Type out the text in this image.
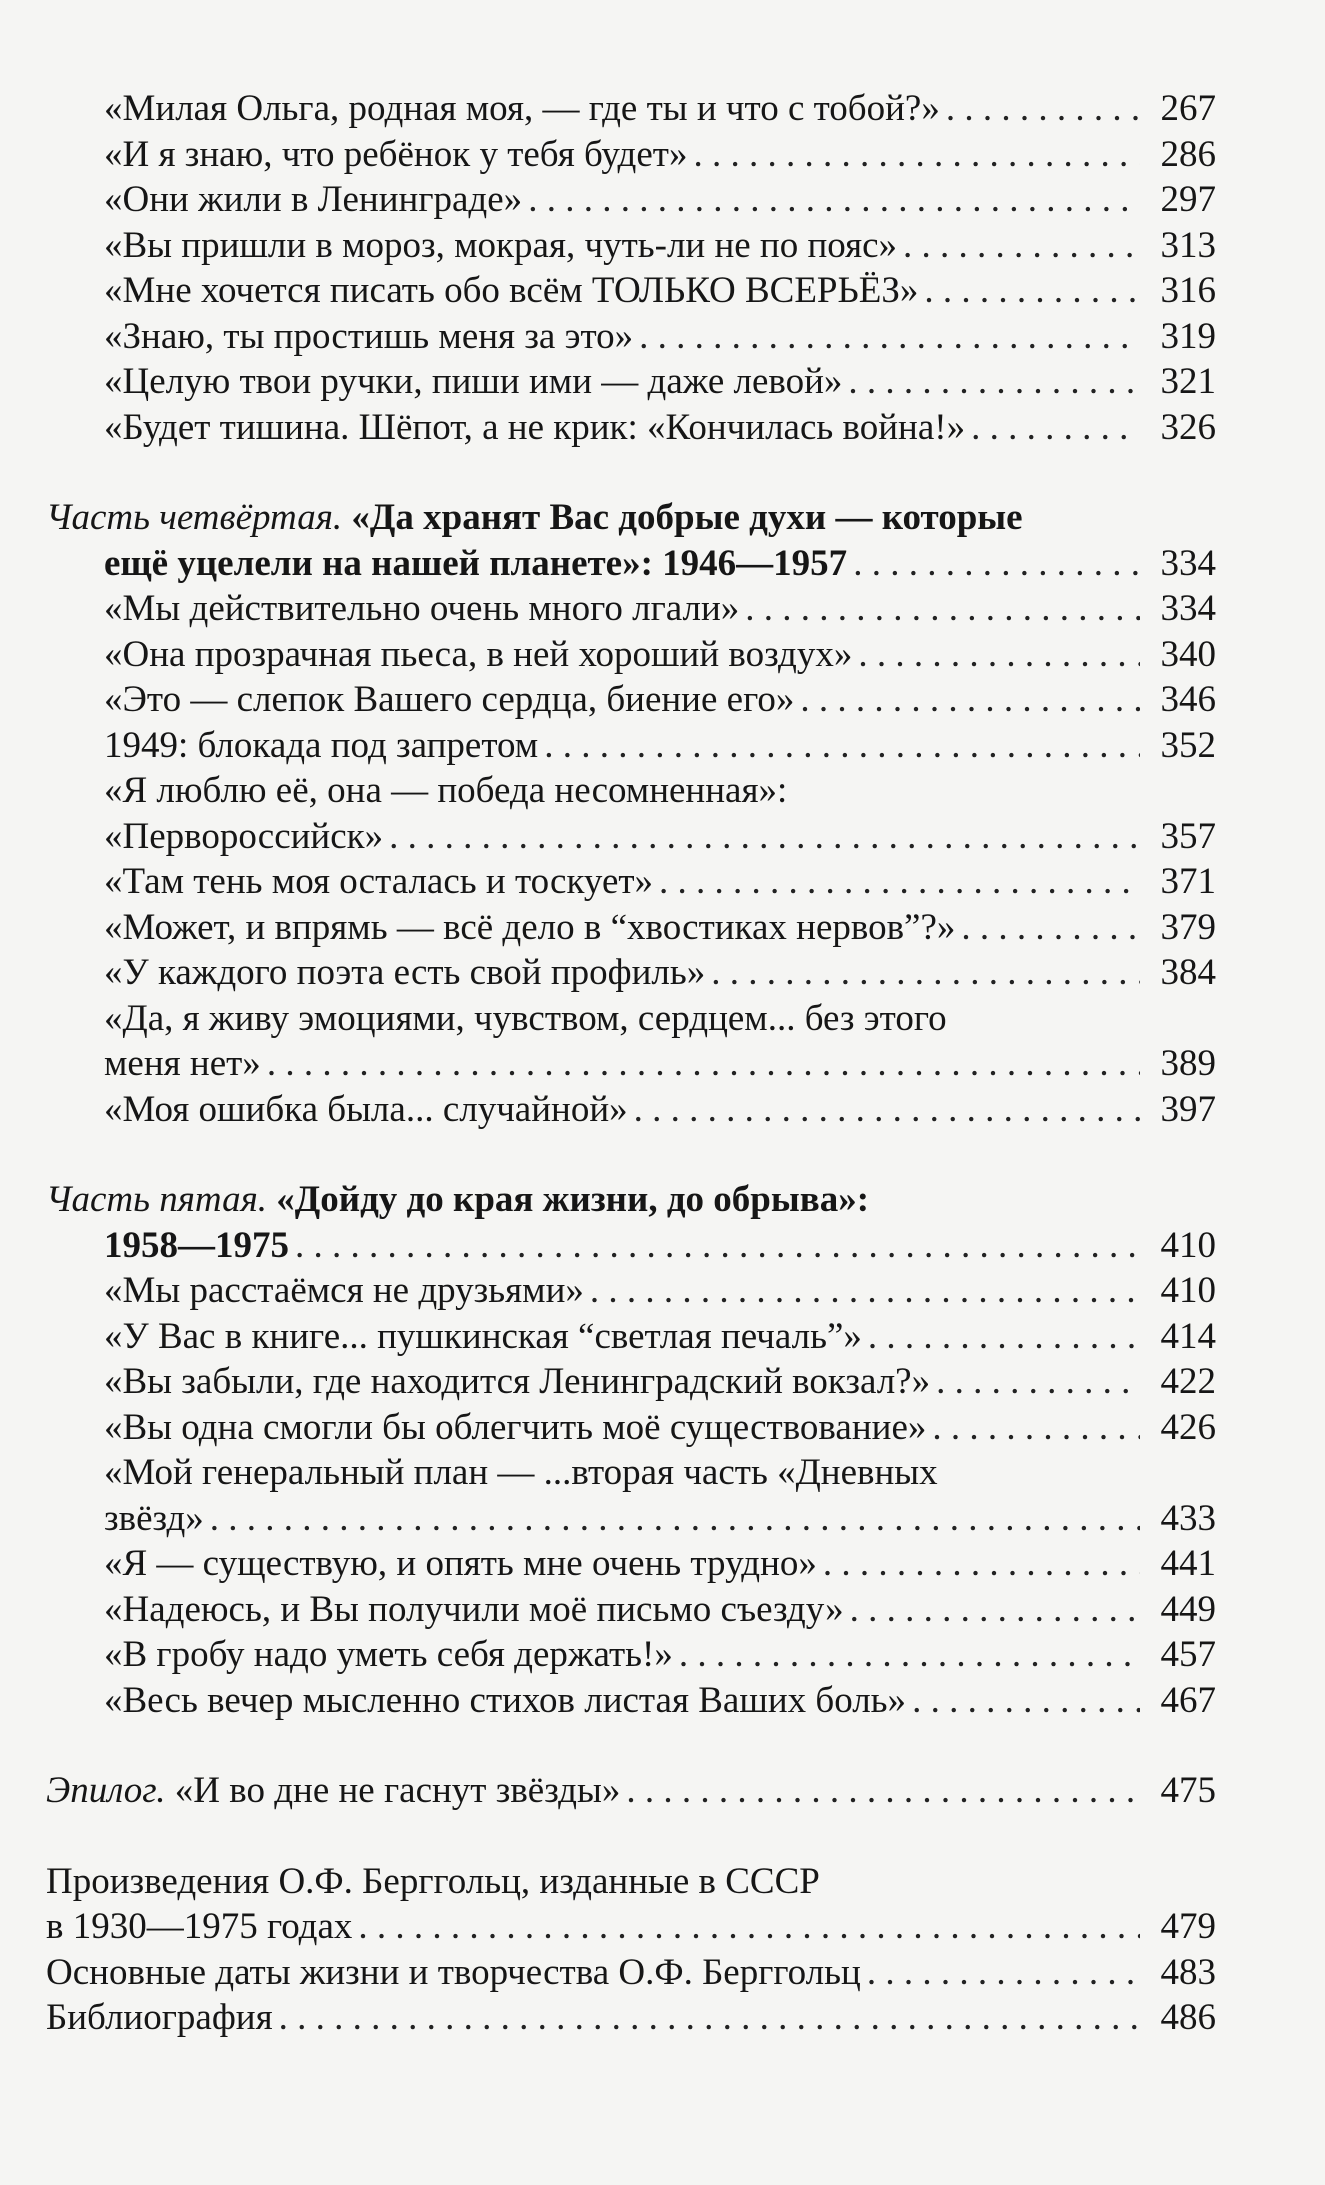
«Милая Ольга, родная моя, — где ты и что с тобой?» . . .	267
«И я знаю, что ребёнок у тебя будет» . . .	286
«Они жили в Ленинграде» . . .	297
«Вы пришли в мороз, мокрая, чуть-ли не по пояс» . . .	313
«Мне хочется писать обо всём ТОЛЬКО ВСЕРЬЁЗ» . . .	316
«Знаю, ты простишь меня за это» . . .	319
«Целую твои ручки, пиши ими — даже левой» . . .	321
«Будет тишина. Шёпот, а не крик: «Кончилась война!» . . .	326
Часть четвёртая. «Да хранят Вас добрые духи — которые
ещё уцелели на нашей планете»: 1946—1957 . . .	334
«Мы действительно очень много лгали» . . .	334
«Она прозрачная пьеса, в ней хороший воздух» . . .	340
«Это — слепок Вашего сердца, биение его» . . .	346
1949: блокада под запретом . . .	352
«Я люблю её, она — победа несомненная»:
«Перворосcийск» . . .	357
«Там тень моя осталась и тоскует» . . .	371
«Может, и впрямь — всё дело в “хвостиках нервов”?» . . .	379
«У каждого поэта есть свой профиль» . . .	384
«Да, я живу эмоциями, чувством, сердцем... без этого
меня нет» . . .	389
«Моя ошибка была... случайной» . . .	397
Часть пятая. «Дойду до края жизни, до обрыва»:
1958—1975 . . .	410
«Мы расстаёмся не друзьями» . . .	410
«У Вас в книге... пушкинская “светлая печаль”» . . .	414
«Вы забыли, где находится Ленинградский вокзал?» . . .	422
«Вы одна смогли бы облегчить моё существование» . . .	426
«Мой генеральный план — ...вторая часть «Дневных
звёзд» . . .	433
«Я — существую, и опять мне очень трудно» . . .	441
«Надеюсь, и Вы получили моё письмо съезду» . . .	449
«В гробу надо уметь себя держать!» . . .	457
«Весь вечер мысленно стихов листая Ваших боль» . . .	467
Эпилог. «И во дне не гаснут звёзды» . . .	475
Произведения О.Ф. Берггольц, изданные в СССР
в 1930—1975 годах . . .	479
Основные даты жизни и творчества О.Ф. Берггольц . . .	483
Библиография . . .	486
